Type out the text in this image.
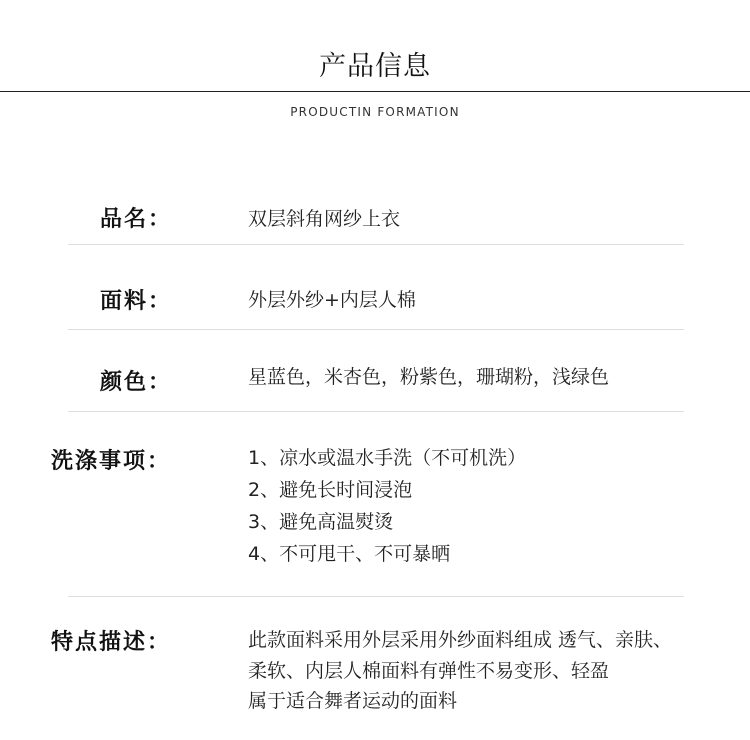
产品信息
PRODUCTIN FORMATION
品名：	双层斜角网纱上衣
面料：	外层外纱+内层人棉
颜色：	星蓝色，米杏色，粉紫色，珊瑚粉，浅绿色
洗涤事项：	1、凉水或温水手洗（不可机洗）
2、避免长时间浸泡
3、避免高温熨烫
4、不可甩干、不可暴晒
特点描述：	此款面料采用外层采用外纱面料组成 透气、亲肤、
柔软、内层人棉面料有弹性不易变形、轻盈
属于适合舞者运动的面料
